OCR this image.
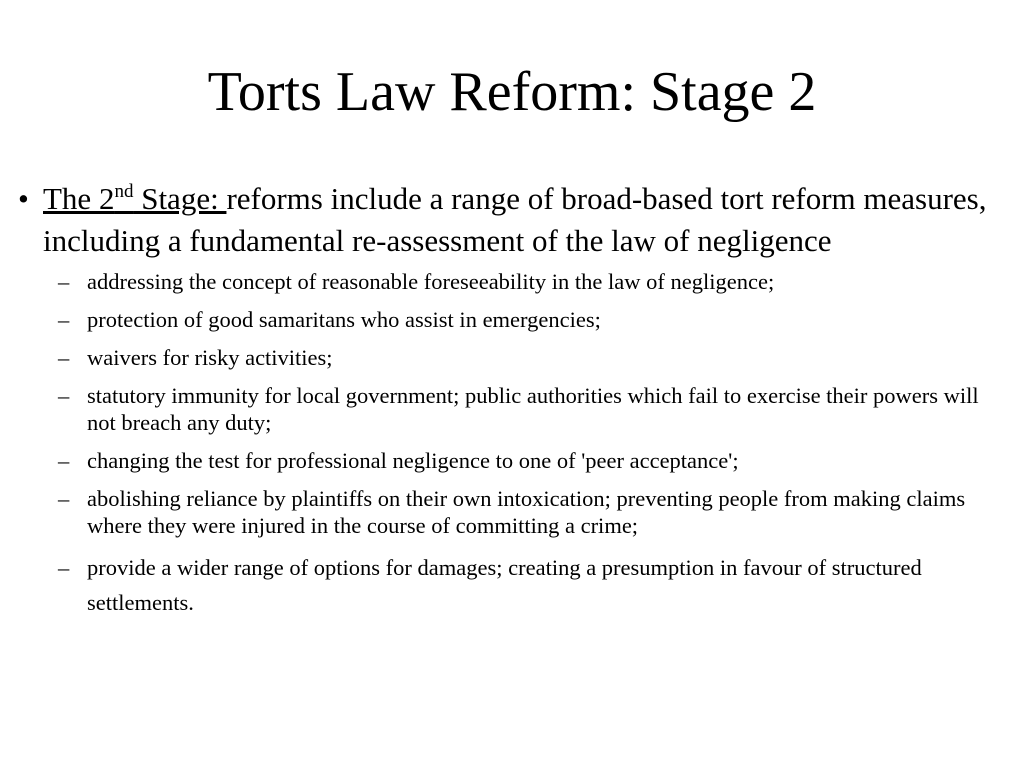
Torts Law Reform: Stage 2
• The 2nd Stage: reforms include a range of broad-based tort reform measures, including a fundamental re-assessment of the law of negligence
– addressing the concept of reasonable foreseeability in the law of negligence;
– protection of good samaritans who assist in emergencies;
– waivers for risky activities;
– statutory immunity for local government; public authorities which fail to exercise their powers will not breach any duty;
– changing the test for professional negligence to one of 'peer acceptance';
– abolishing reliance by plaintiffs on their own intoxication; preventing people from making claims where they were injured in the course of committing a crime;
– provide a wider range of options for damages; creating a presumption in favour of structured settlements.
